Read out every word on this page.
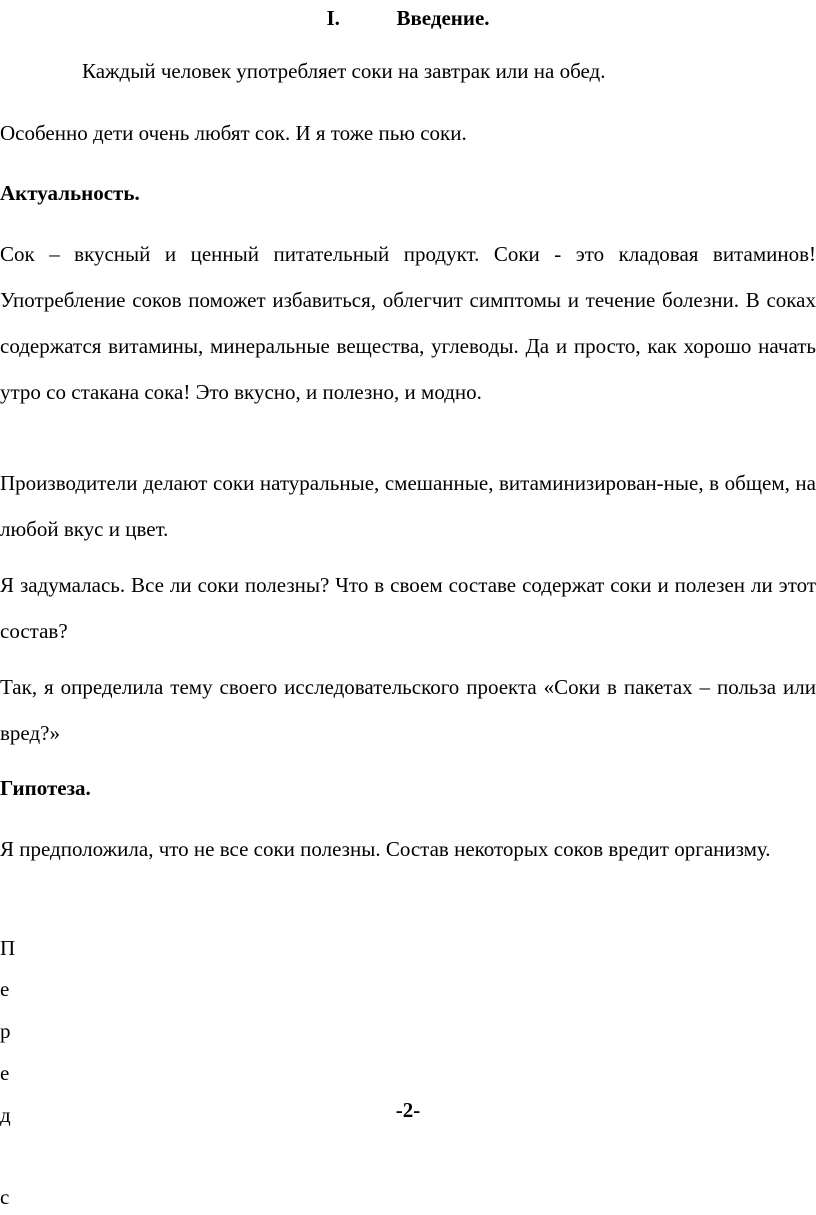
I.	Введение.

Каждый человек употребляет соки на завтрак или на обед.

Особенно дети очень любят сок. И я тоже пью соки.

Актуальность.

Сок – вкусный и ценный питательный продукт. Соки - это кладовая витаминов! Употребление соков поможет избавиться, облегчит симптомы и течение болезни. В соках содержатся витамины, минеральные вещества, углеводы. Да и просто, как хорошо начать утро со стакана сока! Это вкусно, и полезно, и модно.

Производители делают соки натуральные, смешанные, витаминизирован-ные, в общем, на любой вкус и цвет.

Я задумалась. Все ли соки полезны? Что в своем составе содержат соки и полезен ли этот состав?

Так, я определила тему своего исследовательского проекта «Соки в пакетах – польза или вред?»

Гипотеза.

Я предположила, что не все соки полезны. Состав некоторых соков вредит организму.

П
е
р
е
д
с
-2-
